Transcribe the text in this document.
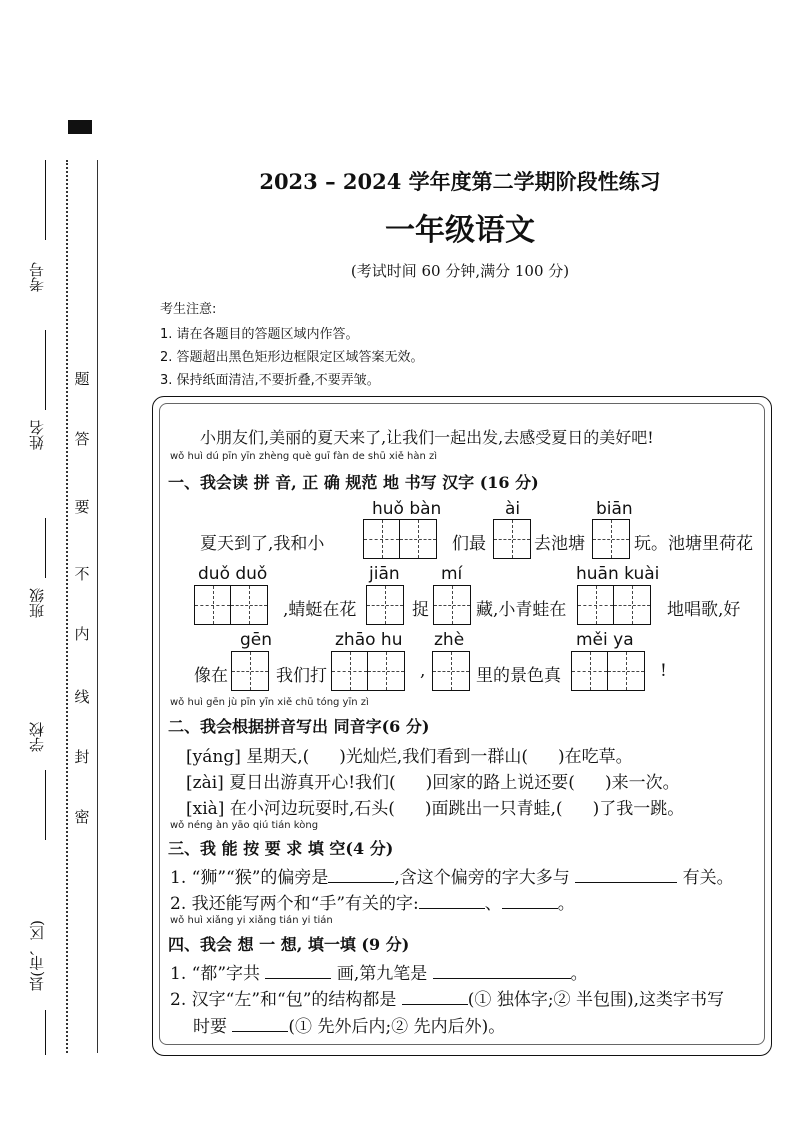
考号
姓名
班级
学校
县(市、区)
题
答
要
不
内
线
封
密
2023 – 2024 学年度第二学期阶段性练习
一年级语文
(考试时间 60 分钟,满分 100 分)
考生注意:
1. 请在各题目的答题区域内作答。
2. 答题超出黑色矩形边框限定区域答案无效。
3. 保持纸面清洁,不要折叠,不要弄皱。
小朋友们,美丽的夏天来了,让我们一起出发,去感受夏日的美好吧!
wǒ huì dú pīn yīn zhèng què guī fàn de shū xiě hàn zì
一、我会读 拼 音, 正 确 规范 地 书写 汉字 (16 分)
huǒ bàn	ài	biān
夏天到了,我和小	们最	去池塘	玩。池塘里荷花
duǒ duǒ	jiān mí	huān kuài
,蜻蜓在花	捉	藏,小青蛙在	地唱歌,好
gēn	zhāo hu zhè	měi ya
像在	我们打	,	里的景色真	!
wǒ huì gēn jù pīn yīn xiě chū tóng yīn zì
二、我会根据拼音写出 同音字(6 分)
[yáng] 星期天,( )光灿烂,我们看到一群山( )在吃草。
[zài] 夏日出游真开心!我们( )回家的路上说还要( )来一次。
[xià] 在小河边玩耍时,石头( )面跳出一只青蛙,( )了我一跳。
wǒ néng àn yāo qiú tián kòng
三、我 能 按 要 求 填 空(4 分)
1. “狮”“猴”的偏旁是	,含这个偏旁的字大多与	有关。
2. 我还能写两个和“手”有关的字:	、	。
wǒ huì xiǎng yi xiǎng tián yi tián
四、我会 想 一 想, 填一填 (9 分)
1. “都”字共	画,第九笔是	。
2. 汉字“左”和“包”的结构都是	(① 独体字;② 半包围),这类字书写
时要	(① 先外后内;② 先内后外)。
